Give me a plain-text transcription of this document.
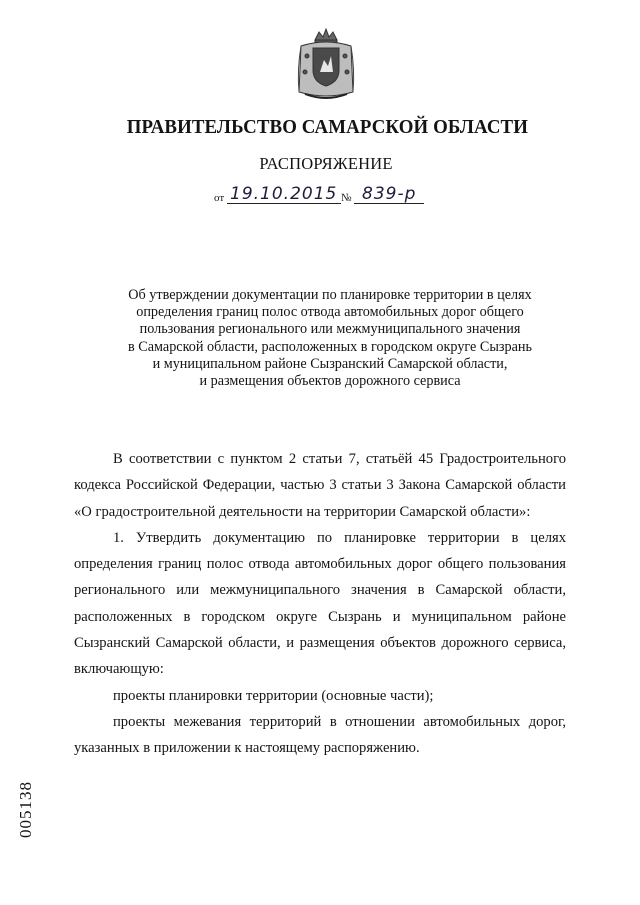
ПРАВИТЕЛЬСТВО САМАРСКОЙ ОБЛАСТИ
РАСПОРЯЖЕНИЕ
от 19.10.2015 № 839-р
Об утверждении документации по планировке территории в целях
определения границ полос отвода автомобильных дорог общего
пользования регионального или межмуниципального значения
в Самарской области, расположенных в городском округе Сызрань
и муниципальном районе Сызранский Самарской области,
и размещения объектов дорожного сервиса

В соответствии с пунктом 2 статьи 7, статьёй 45 Градостроительного кодекса Российской Федерации, частью 3 статьи 3 Закона Самарской области «О градостроительной деятельности на территории Самарской области»:

1. Утвердить документацию по планировке территории в целях определения границ полос отвода автомобильных дорог общего пользования регионального или межмуниципального значения в Самарской области, расположенных в городском округе Сызрань и муниципальном районе Сызранский Самарской области, и размещения объектов дорожного сервиса, включающую:

проекты планировки территории (основные части);

проекты межевания территорий в отношении автомобильных дорог, указанных в приложении к настоящему распоряжению.

005138
